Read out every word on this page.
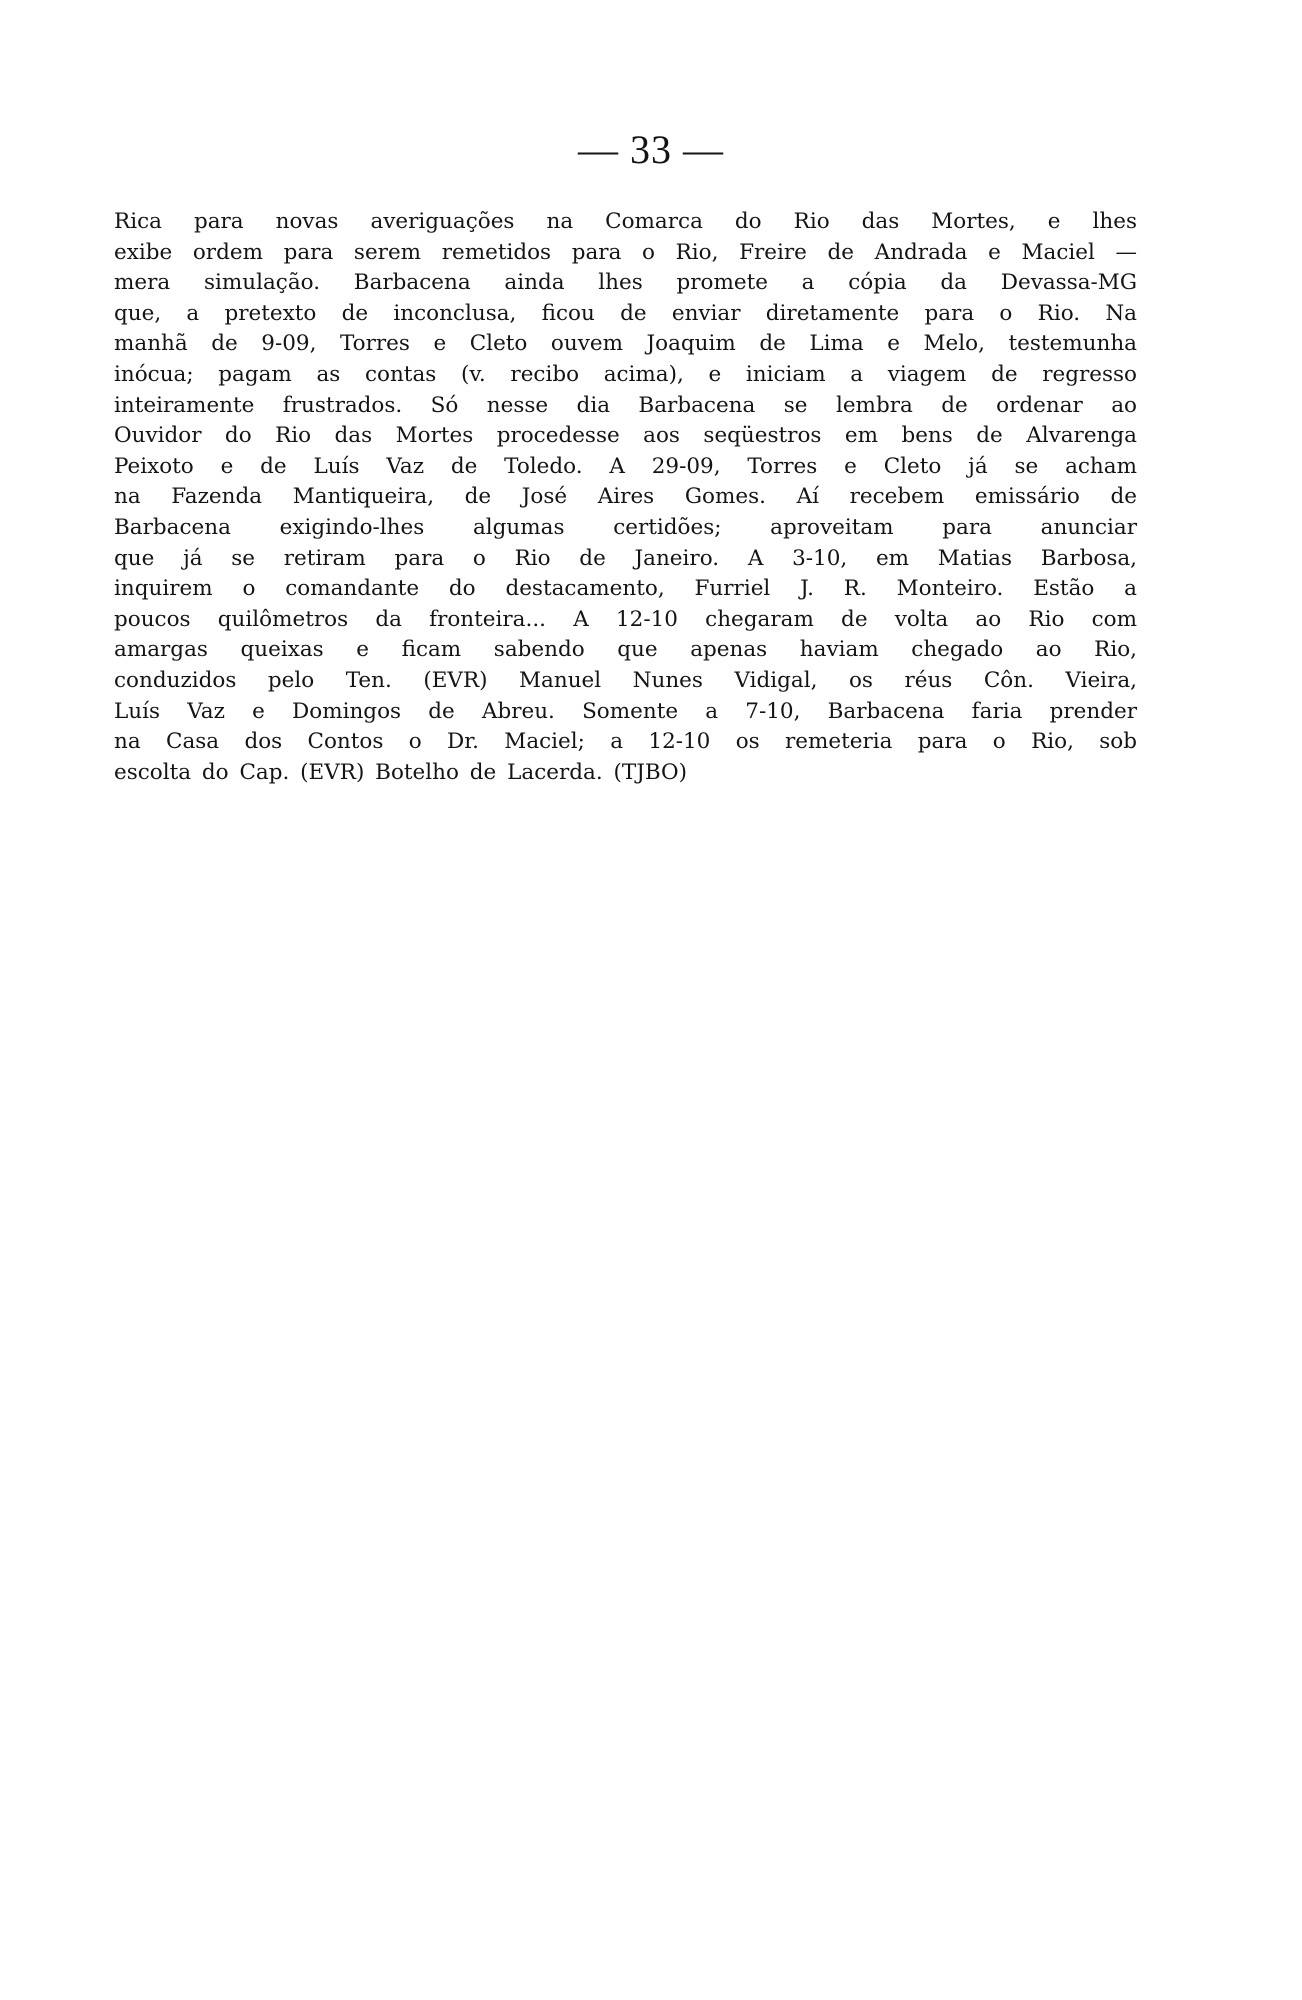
— 33 —
Rica para novas averiguações na Comarca do Rio das Mortes, e lhes
exibe ordem para serem remetidos para o Rio, Freire de Andrada e Maciel —
mera simulação. Barbacena ainda lhes promete a cópia da Devassa-MG
que, a pretexto de inconclusa, ficou de enviar diretamente para o Rio. Na
manhã de 9-09, Torres e Cleto ouvem Joaquim de Lima e Melo, testemunha
inócua; pagam as contas (v. recibo acima), e iniciam a viagem de regresso
inteiramente frustrados. Só nesse dia Barbacena se lembra de ordenar ao
Ouvidor do Rio das Mortes procedesse aos seqüestros em bens de Alvarenga
Peixoto e de Luís Vaz de Toledo. A 29-09, Torres e Cleto já se acham
na Fazenda Mantiqueira, de José Aires Gomes. Aí recebem emissário de
Barbacena exigindo-lhes algumas certidões; aproveitam para anunciar
que já se retiram para o Rio de Janeiro. A 3-10, em Matias Barbosa,
inquirem o comandante do destacamento, Furriel J. R. Monteiro. Estão a
poucos quilômetros da fronteira... A 12-10 chegaram de volta ao Rio com
amargas queixas e ficam sabendo que apenas haviam chegado ao Rio,
conduzidos pelo Ten. (EVR) Manuel Nunes Vidigal, os réus Côn. Vieira,
Luís Vaz e Domingos de Abreu. Somente a 7-10, Barbacena faria prender
na Casa dos Contos o Dr. Maciel; a 12-10 os remeteria para o Rio, sob
escolta do Cap. (EVR) Botelho de Lacerda. (TJBO)
